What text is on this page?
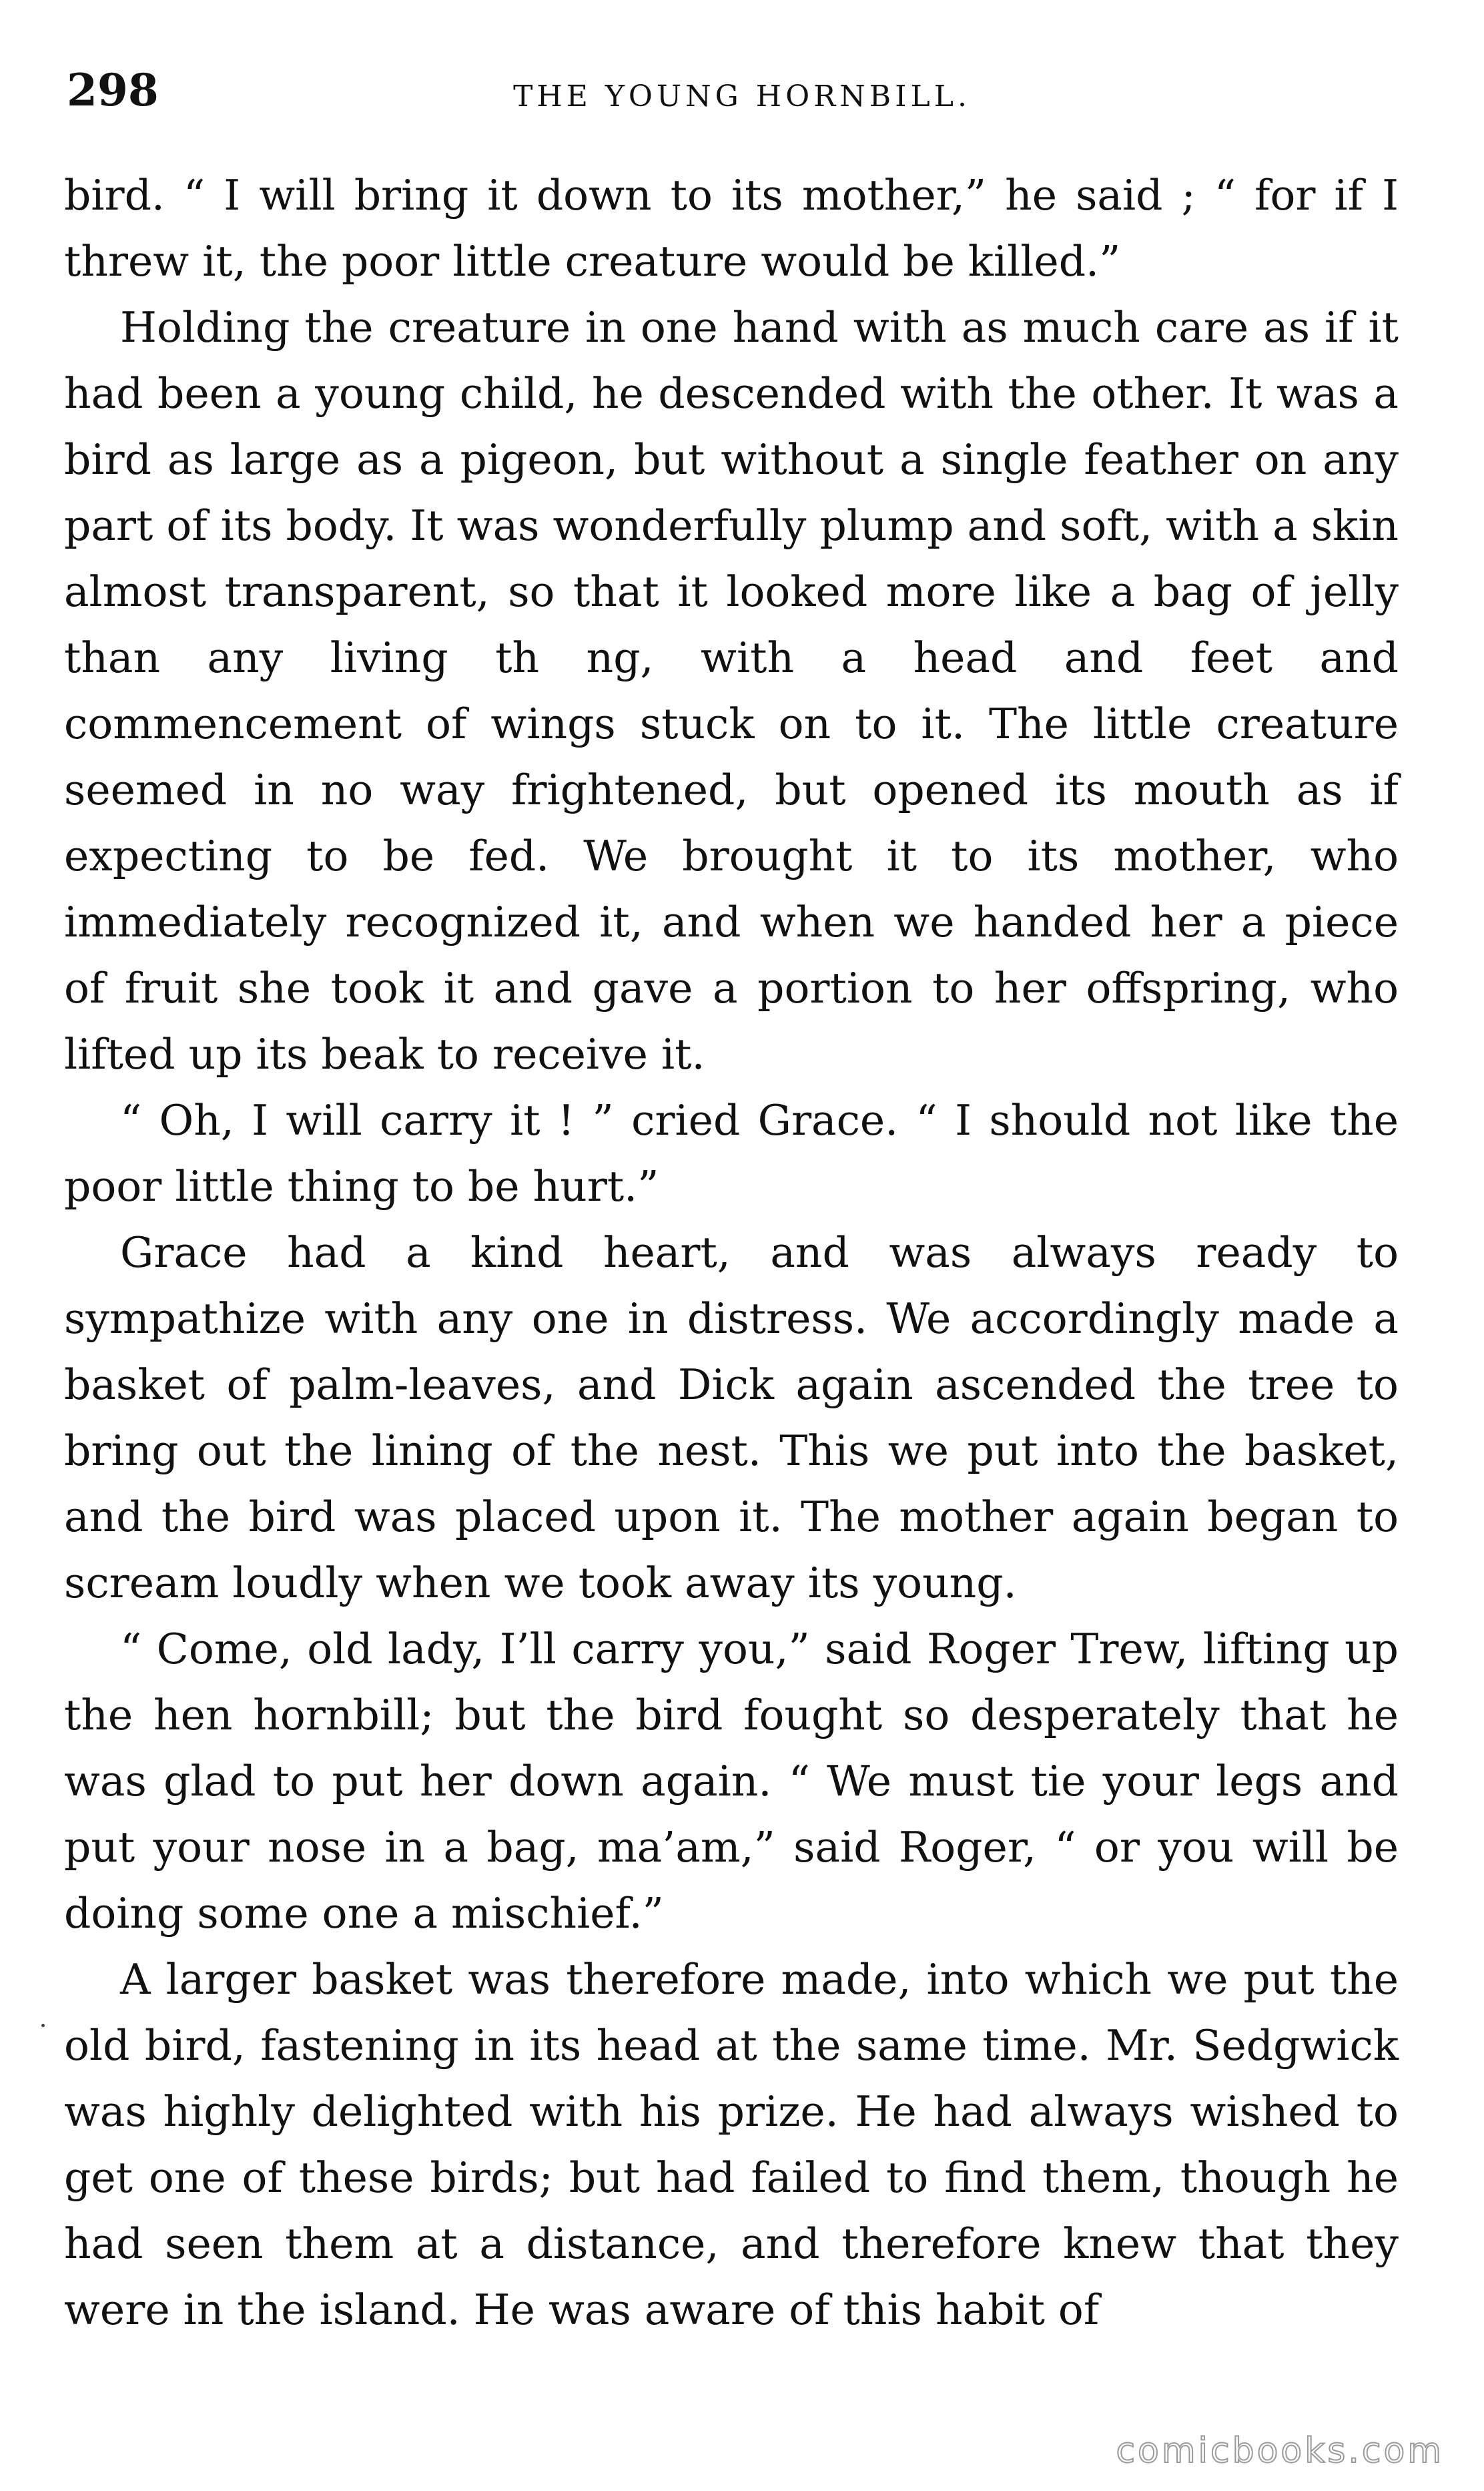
298	THE YOUNG HORNBILL.

bird. “ I will bring it down to its mother,” he said ; “ for if I threw it, the poor little creature would be killed.”

Holding the creature in one hand with as much care as if it had been a young child, he descended with the other. It was a bird as large as a pigeon, but without a single feather on any part of its body. It was wonderfully plump and soft, with a skin almost transparent, so that it looked more like a bag of jelly than any living th ng, with a head and feet and commencement of wings stuck on to it. The little creature seemed in no way frightened, but opened its mouth as if expecting to be fed. We brought it to its mother, who immediately recognized it, and when we handed her a piece of fruit she took it and gave a portion to her offspring, who lifted up its beak to receive it.

“ Oh, I will carry it ! ” cried Grace. “ I should not like the poor little thing to be hurt.”

Grace had a kind heart, and was always ready to sympathize with any one in distress. We accordingly made a basket of palm-leaves, and Dick again ascended the tree to bring out the lining of the nest. This we put into the basket, and the bird was placed upon it. The mother again began to scream loudly when we took away its young.

“ Come, old lady, I’ll carry you,” said Roger Trew, lifting up the hen hornbill; but the bird fought so desperately that he was glad to put her down again. “ We must tie your legs and put your nose in a bag, ma’am,” said Roger, “ or you will be doing some one a mischief.”

A larger basket was therefore made, into which we put the old bird, fastening in its head at the same time. Mr. Sedgwick was highly delighted with his prize. He had always wished to get one of these birds; but had failed to find them, though he had seen them at a distance, and therefore knew that they were in the island. He was aware of this habit of

comicbooks.com
